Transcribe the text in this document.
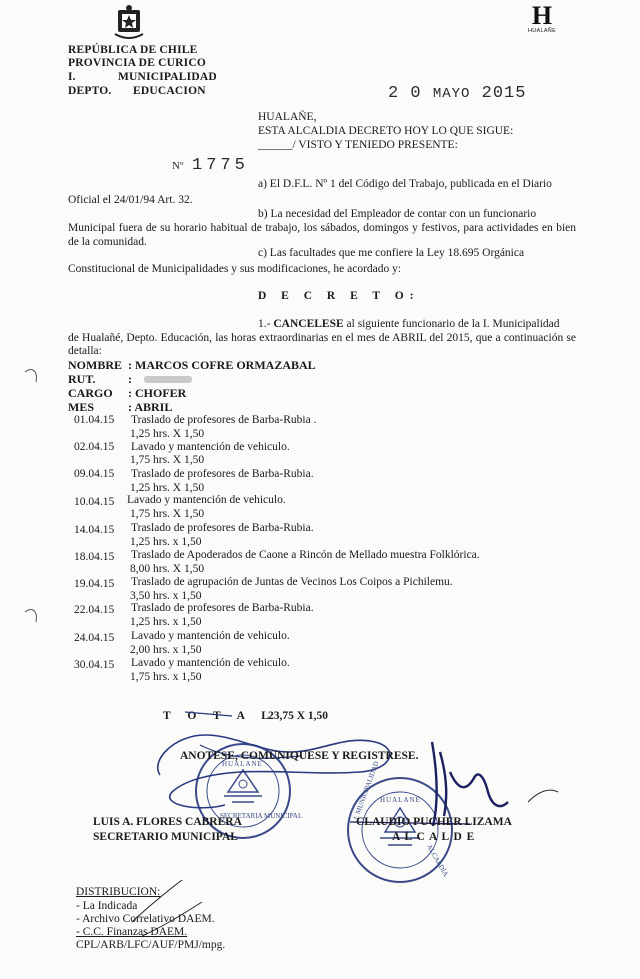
H
HUALAÑE
REPÚBLICA DE CHILE
PROVINCIA DE CURICO
I.	MUNICIPALIDAD
DEPTO. EDUCACION	2 0 MAYO 2015
HUALAÑE,
ESTA ALCALDIA DECRETO HOY LO QUE SIGUE:
______/ VISTO Y TENIEDO PRESENTE:
Nº 1775
a) El D.F.L. Nº 1 del Código del Trabajo, publicada en el Diario
Oficial el 24/01/94 Art. 32.
b) La necesidad del Empleador de contar con un funcionario
Municipal fuera de su horario habitual de trabajo, los sábados, domingos y festivos, para actividades en bien de la comunidad.
c) Las facultades que me confiere la Ley 18.695 Orgánica
Constitucional de Municipalidades y sus modificaciones, he acordado y:
D E C R E T O:
1.- CANCELESE al siguiente funcionario de la I. Municipalidad
de Hualañé, Depto. Educación, las horas extraordinarias en el mes de ABRIL del 2015, que a continuación se detalla:
NOMBRE : MARCOS COFRE ORMAZABAL
RUT.	:
CARGO : CHOFER
MES	: ABRIL
01.04.15 Traslado de profesores de Barba-Rubia .
1,25 hrs. X 1,50
02.04.15 Lavado y mantención de vehiculo.
1,75 hrs. X 1,50
09.04.15 Traslado de profesores de Barba-Rubia.
1,25 hrs. X 1,50
10.04.15 Lavado y mantención de vehiculo.
1,75 hrs. X 1,50
14.04.15 Traslado de profesores de Barba-Rubia.
1,25 hrs. x 1,50
18.04.15 Traslado de Apoderados de Caone a Rincón de Mellado muestra Folklórica.
8,00 hrs. X 1,50
19.04.15 Traslado de agrupación de Juntas de Vecinos Los Coipos a Pichilemu.
3,50 hrs. x 1,50
22.04.15 Traslado de profesores de Barba-Rubia.
1,25 hrs. x 1,50
24.04.15 Lavado y mantención de vehiculo.
2,00 hrs. x 1,50
30.04.15 Lavado y mantención de vehiculo.
1,75 hrs. x 1,50
T O T A L
23,75 X 1,50
ANOTESE, COMUNIQUESE Y REGISTRESE.
HUALANE
SECRETARIA MUNICIPAL
HUALANE
I. MUNICIPALIDAD
ALCALDIA
LUIS A. FLORES CABRERA
SECRETARIO MUNICIPAL
CLAUDIO PUCHER LIZAMA
A L C A L D E
DISTRIBUCION:
- La Indicada
- Archivo Correlativo DAEM.
- C.C. Finanzas DAEM.
CPL/ARB/LFC/AUF/PMJ/mpg.
